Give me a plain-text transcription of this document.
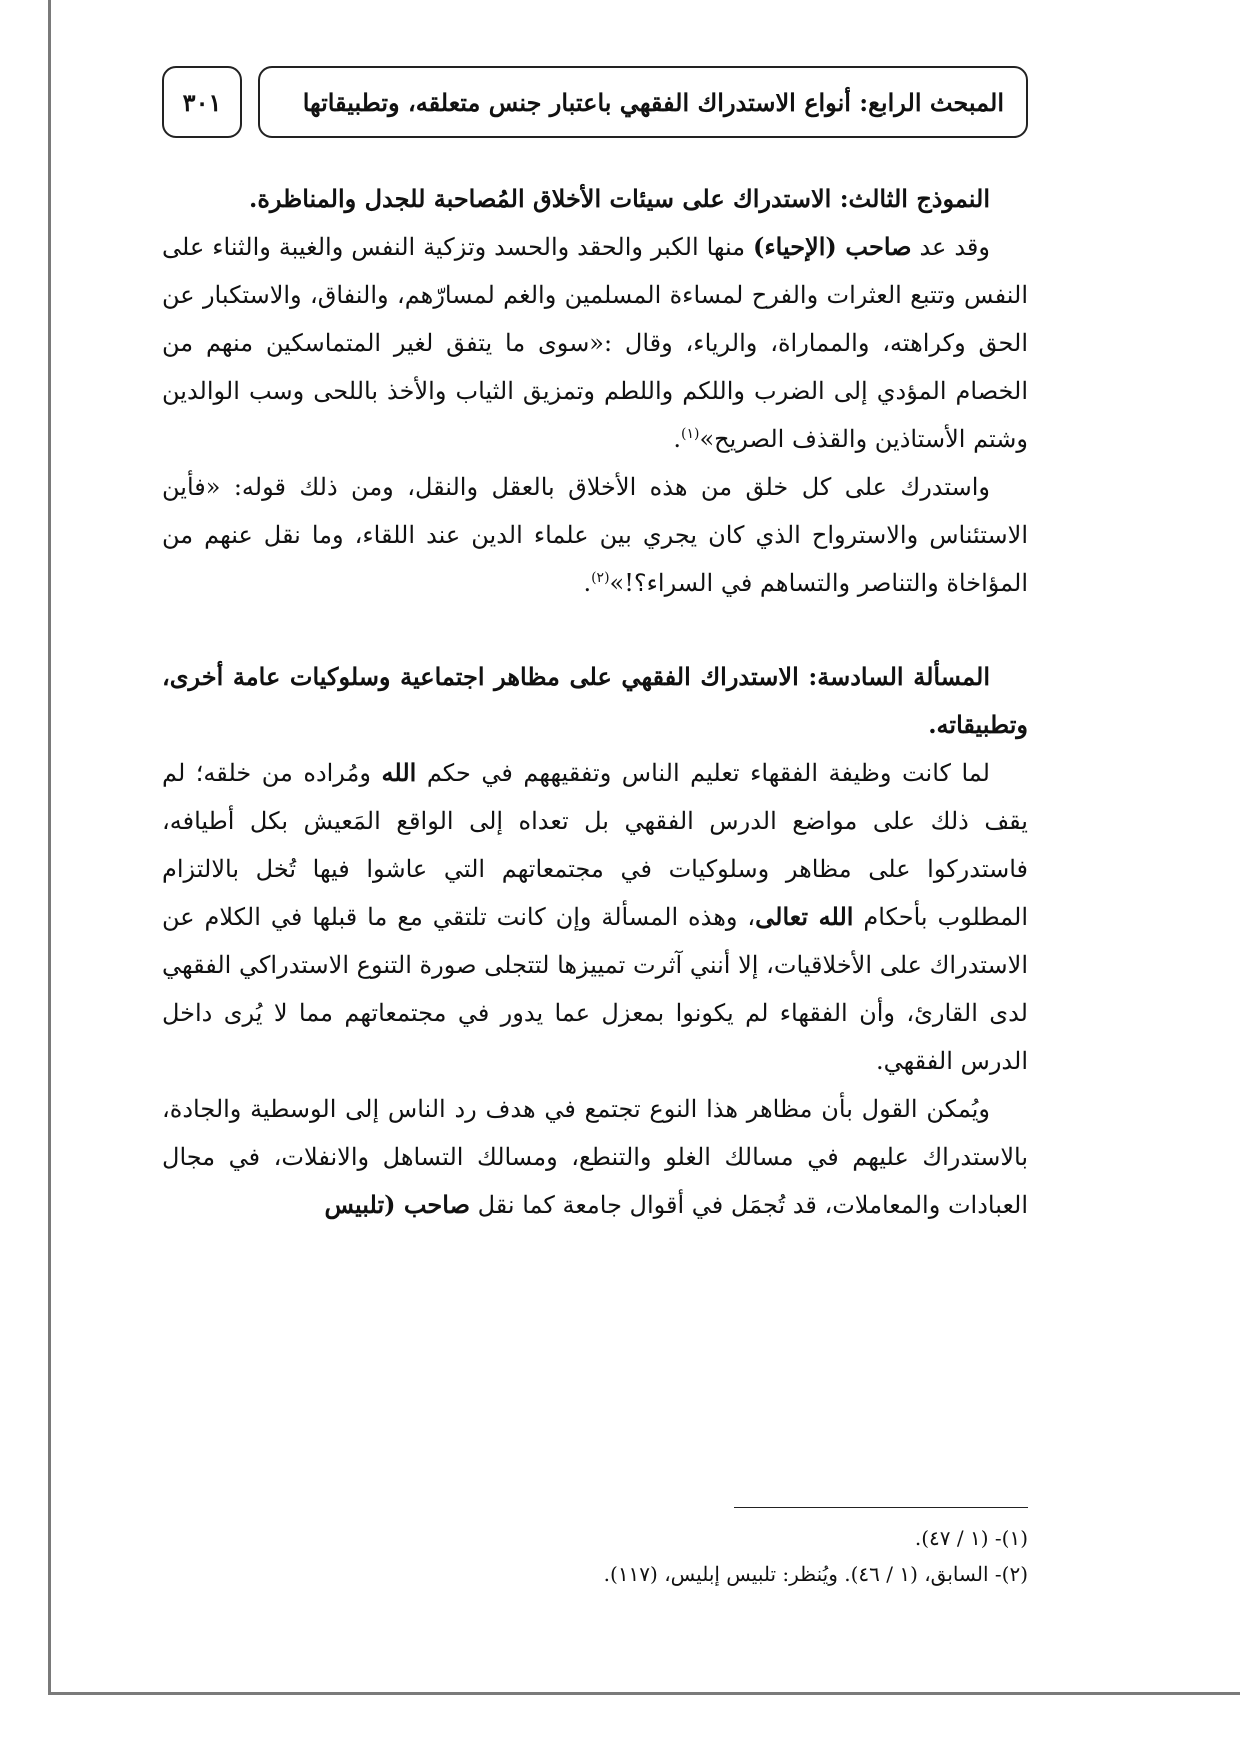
المبحث الرابع: أنواع الاستدراك الفقهي باعتبار جنس متعلقه، وتطبيقاتها
٣٠١

النموذج الثالث: الاستدراك على سيئات الأخلاق المُصاحبة للجدل والمناظرة.

وقد عد صاحب (الإحياء) منها الكبر والحقد والحسد وتزكية النفس والغيبة والثناء على النفس وتتبع العثرات والفرح لمساءة المسلمين والغم لمسارّهم، والنفاق، والاستكبار عن الحق وكراهته، والمماراة، والرياء، وقال :«سوى ما يتفق لغير المتماسكين منهم من الخصام المؤدي إلى الضرب واللكم واللطم وتمزيق الثياب والأخذ باللحى وسب الوالدين وشتم الأستاذين والقذف الصريح»$^{(١)}$.

واستدرك على كل خلق من هذه الأخلاق بالعقل والنقل، ومن ذلك قوله: «فأين الاستئناس والاسترواح الذي كان يجري بين علماء الدين عند اللقاء، وما نقل عنهم من المؤاخاة والتناصر والتساهم في السراء؟!»$^{(٢)}$.

المسألة السادسة: الاستدراك الفقهي على مظاهر اجتماعية وسلوكيات عامة أخرى، وتطبيقاته.

لما كانت وظيفة الفقهاء تعليم الناس وتفقيههم في حكم الله ومُراده من خلقه؛ لم يقف ذلك على مواضع الدرس الفقهي بل تعداه إلى الواقع المَعيش بكل أطيافه، فاستدركوا على مظاهر وسلوكيات في مجتمعاتهم التي عاشوا فيها تُخل بالالتزام المطلوب بأحكام الله تعالى، وهذه المسألة وإن كانت تلتقي مع ما قبلها في الكلام عن الاستدراك على الأخلاقيات، إلا أنني آثرت تمييزها لتتجلى صورة التنوع الاستدراكي الفقهي لدى القارئ، وأن الفقهاء لم يكونوا بمعزل عما يدور في مجتمعاتهم مما لا يُرى داخل الدرس الفقهي.

ويُمكن القول بأن مظاهر هذا النوع تجتمع في هدف رد الناس إلى الوسطية والجادة، بالاستدراك عليهم في مسالك الغلو والتنطع، ومسالك التساهل والانفلات، في مجال العبادات والمعاملات، قد تُجمَل في أقوال جامعة كما نقل صاحب (تلبيس

(١)- (١ / ٤٧).

(٢)- السابق، (١ / ٤٦). ويُنظر: تلبيس إبليس، (١١٧).
